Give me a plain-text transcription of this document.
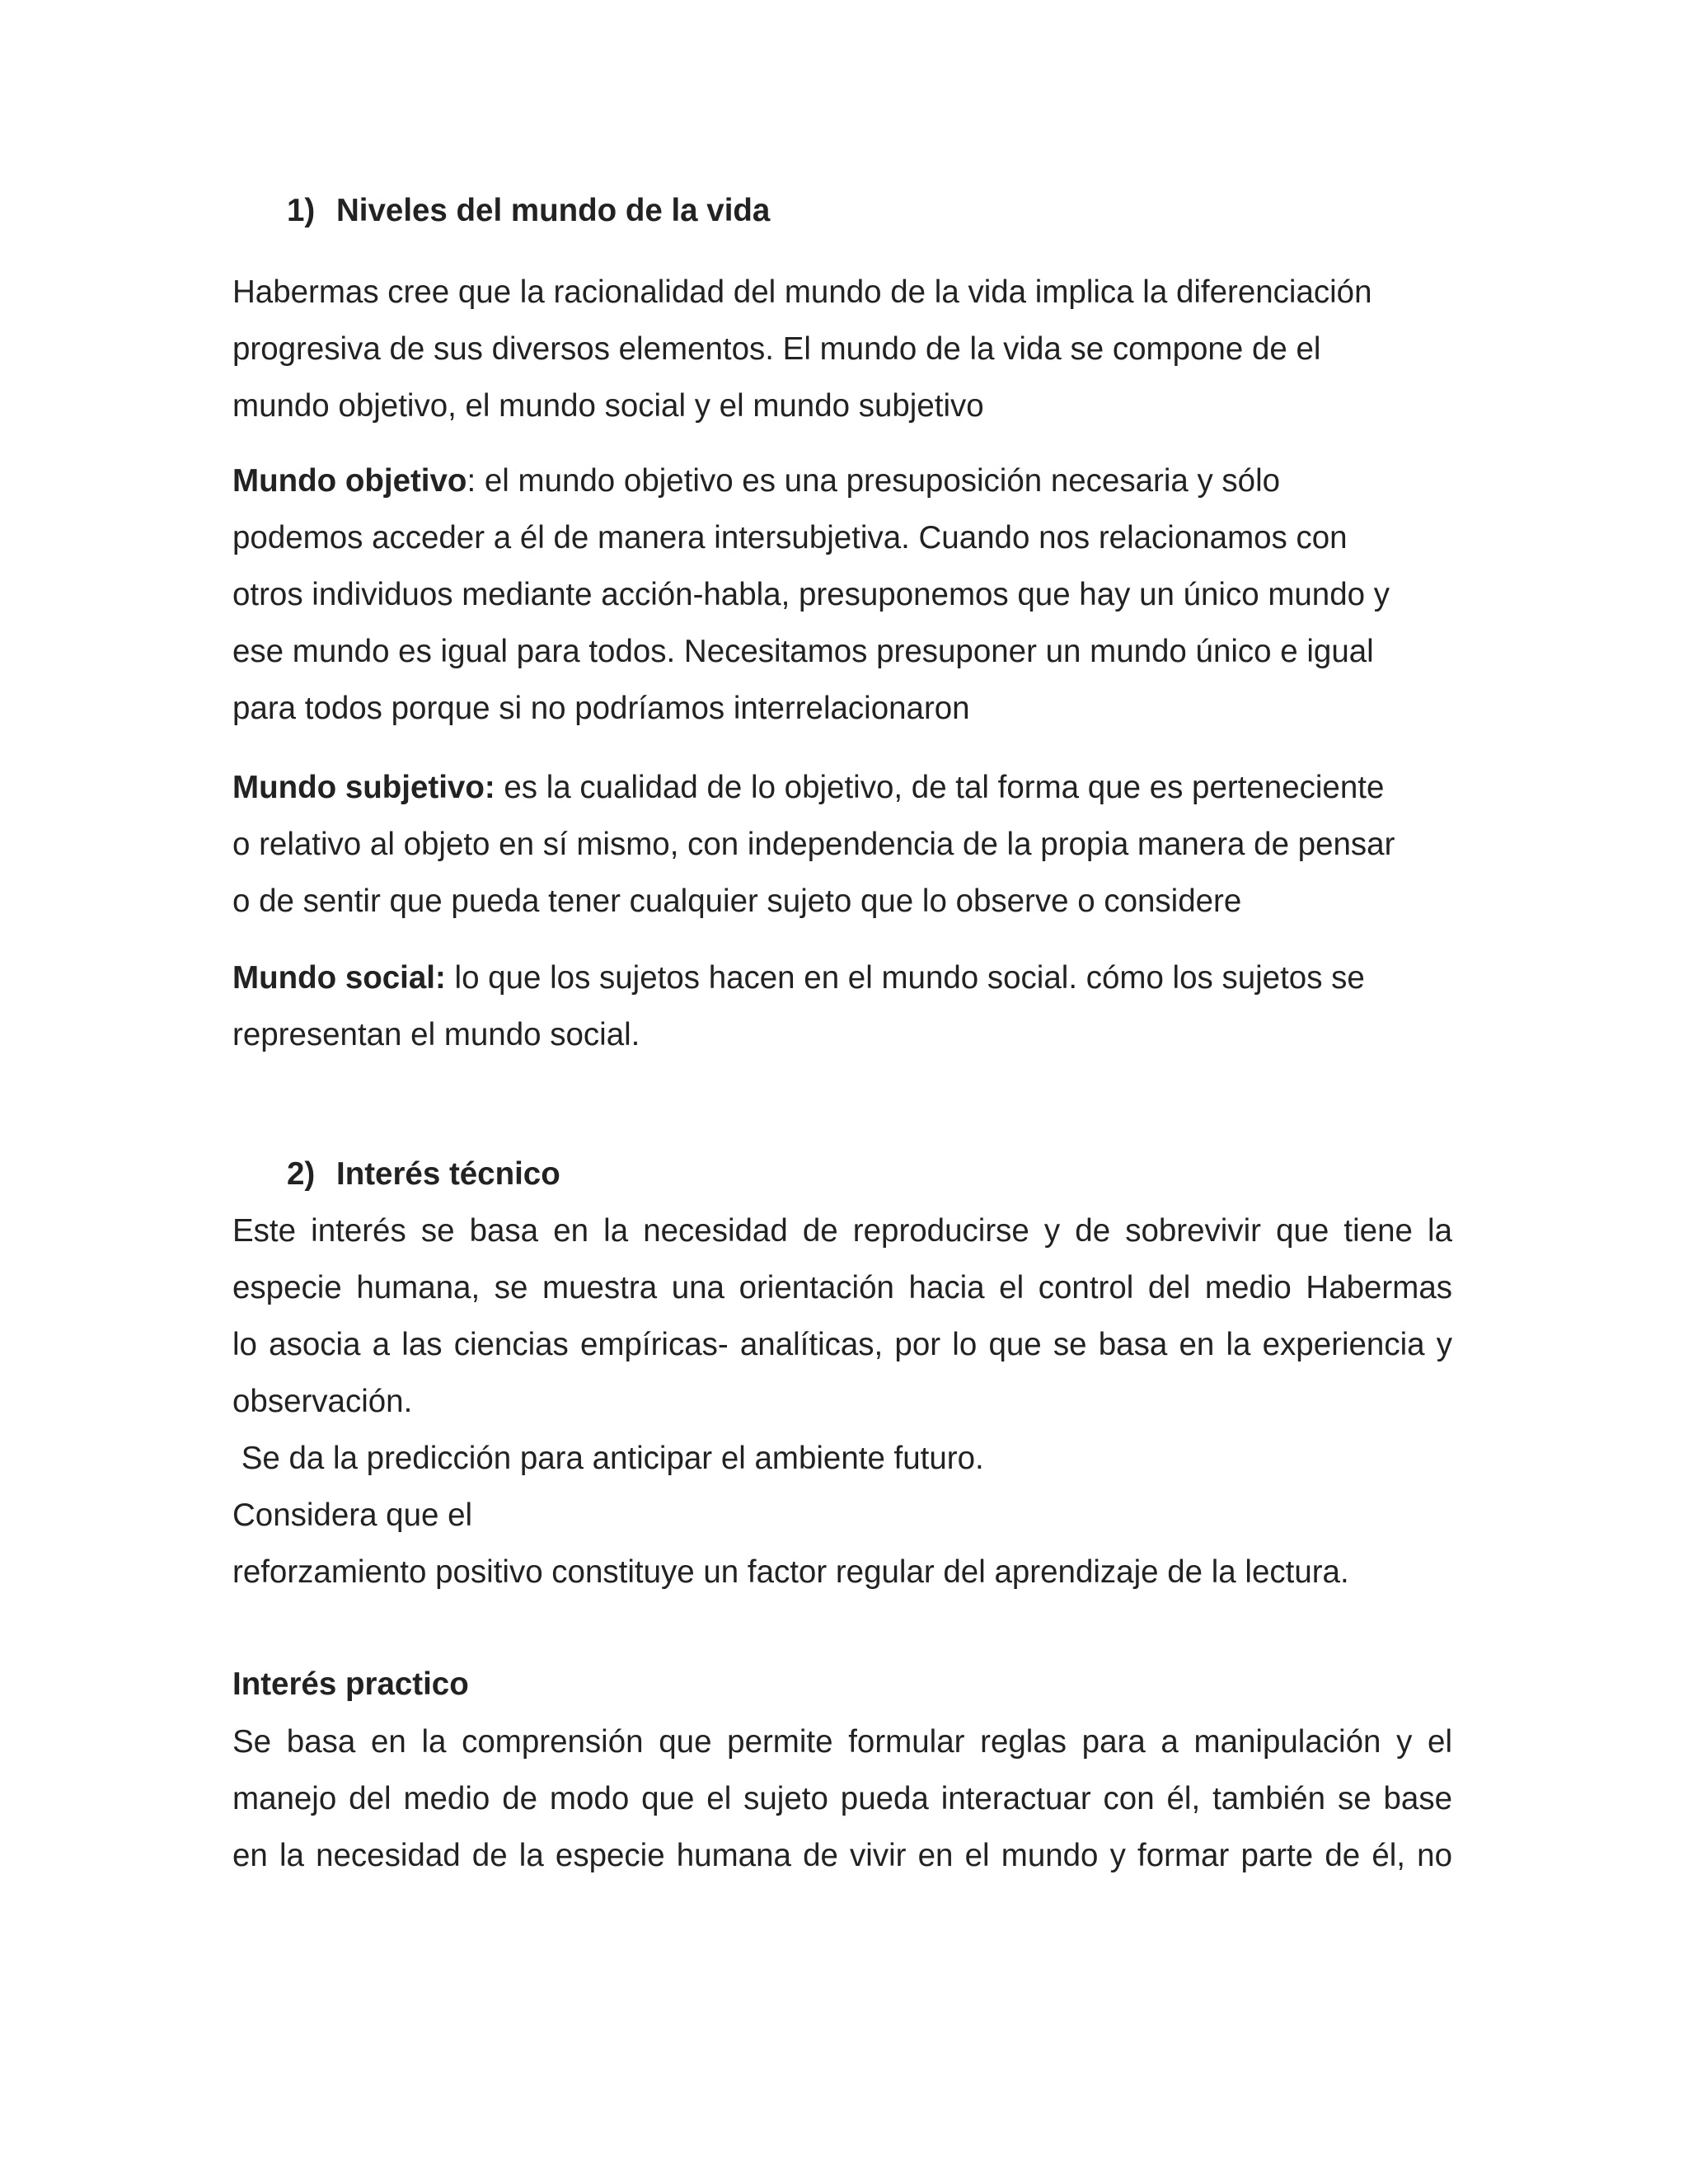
1) Niveles del mundo de la vida
Habermas cree que la racionalidad del mundo de la vida implica la diferenciación
progresiva de sus diversos elementos. El mundo de la vida se compone de el
mundo objetivo, el mundo social y el mundo subjetivo
Mundo objetivo: el mundo objetivo es una presuposición necesaria y sólo
podemos acceder a él de manera intersubjetiva. Cuando nos relacionamos con
otros individuos mediante acción-habla, presuponemos que hay un único mundo y
ese mundo es igual para todos. Necesitamos presuponer un mundo único e igual
para todos porque si no podríamos interrelacionaron
Mundo subjetivo: es la cualidad de lo objetivo, de tal forma que es perteneciente
o relativo al objeto en sí mismo, con independencia de la propia manera de pensar
o de sentir que pueda tener cualquier sujeto que lo observe o considere
Mundo social: lo que los sujetos hacen en el mundo social. cómo los sujetos se
representan el mundo social.
2) Interés técnico
Este interés se basa en la necesidad de reproducirse y de sobrevivir que tiene la
especie humana, se muestra una orientación hacia el control del medio Habermas
lo asocia a las ciencias empíricas- analíticas, por lo que se basa en la experiencia y
observación.
Se da la predicción para anticipar el ambiente futuro.
Considera que el
reforzamiento positivo constituye un factor regular del aprendizaje de la lectura.
Interés practico
Se basa en la comprensión que permite formular reglas para a manipulación y el
manejo del medio de modo que el sujeto pueda interactuar con él, también se base
en la necesidad de la especie humana de vivir en el mundo y formar parte de él, no
